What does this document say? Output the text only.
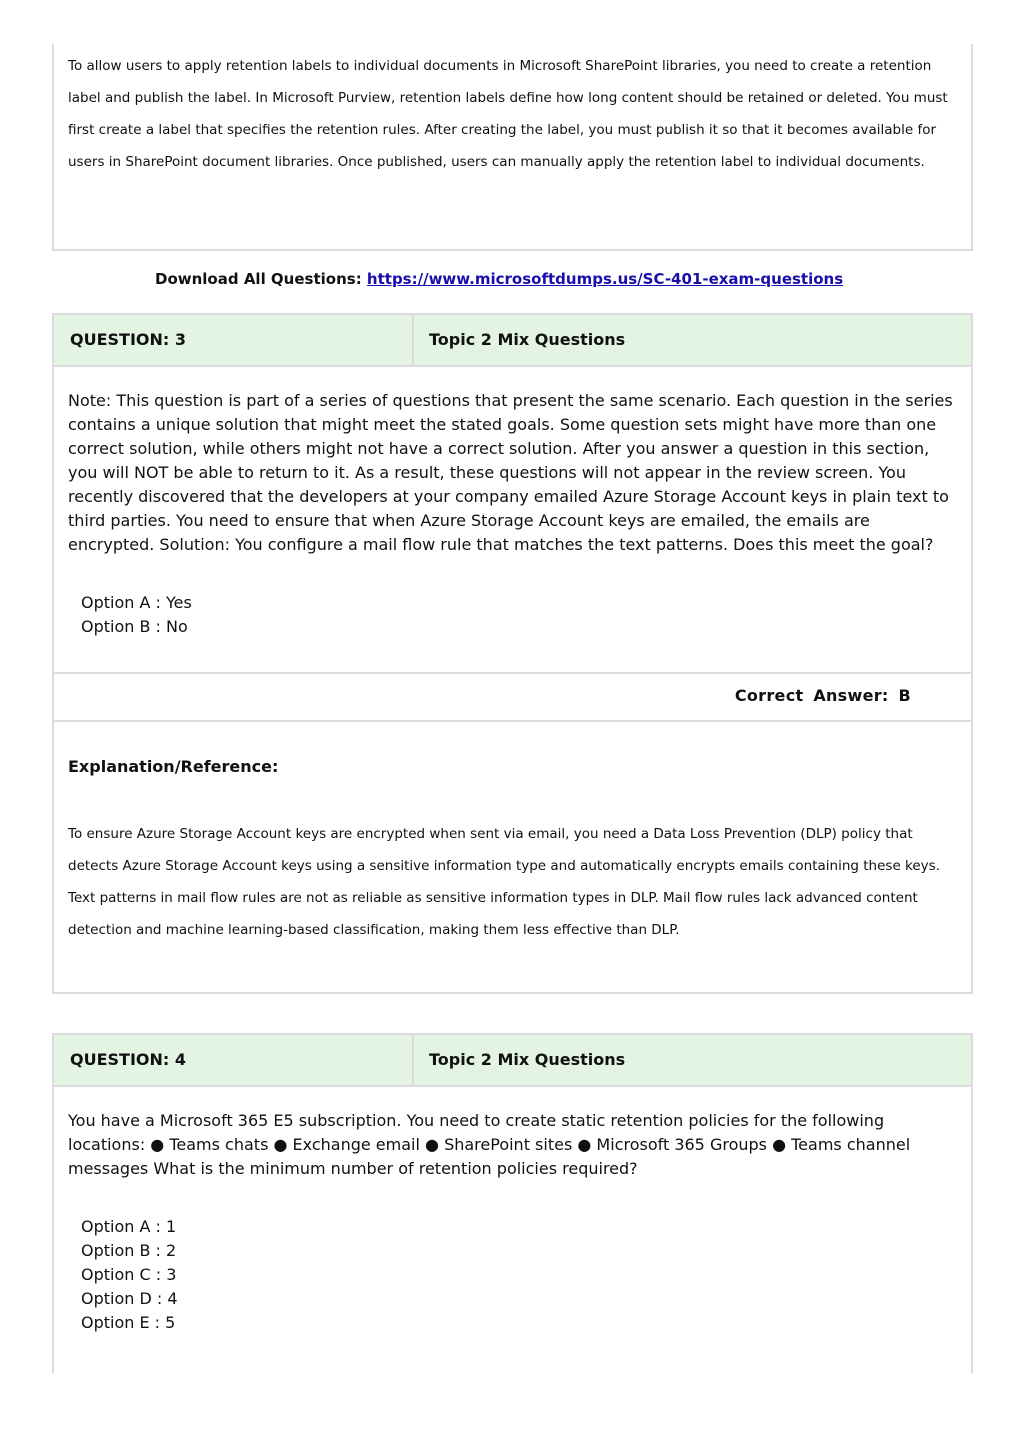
To allow users to apply retention labels to individual documents in Microsoft SharePoint libraries, you need to create a retention label and publish the label. In Microsoft Purview, retention labels define how long content should be retained or deleted. You must first create a label that specifies the retention rules. After creating the label, you must publish it so that it becomes available for users in SharePoint document libraries. Once published, users can manually apply the retention label to individual documents.

Download All Questions: https://www.microsoftdumps.us/SC-401-exam-questions
QUESTION: 3	Topic 2 Mix Questions

Note: This question is part of a series of questions that present the same scenario. Each question in the series contains a unique solution that might meet the stated goals. Some question sets might have more than one correct solution, while others might not have a correct solution. After you answer a question in this section, you will NOT be able to return to it. As a result, these questions will not appear in the review screen. You recently discovered that the developers at your company emailed Azure Storage Account keys in plain text to third parties. You need to ensure that when Azure Storage Account keys are emailed, the emails are encrypted. Solution: You configure a mail flow rule that matches the text patterns. Does this meet the goal?

Option A : Yes
Option B : No
Correct Answer: B
Explanation/Reference:

To ensure Azure Storage Account keys are encrypted when sent via email, you need a Data Loss Prevention (DLP) policy that detects Azure Storage Account keys using a sensitive information type and automatically encrypts emails containing these keys. Text patterns in mail flow rules are not as reliable as sensitive information types in DLP. Mail flow rules lack advanced content detection and machine learning-based classification, making them less effective than DLP.

QUESTION: 4	Topic 2 Mix Questions

You have a Microsoft 365 E5 subscription. You need to create static retention policies for the following locations: ● Teams chats ● Exchange email ● SharePoint sites ● Microsoft 365 Groups ● Teams channel messages What is the minimum number of retention policies required?

Option A : 1
Option B : 2
Option C : 3
Option D : 4
Option E : 5
